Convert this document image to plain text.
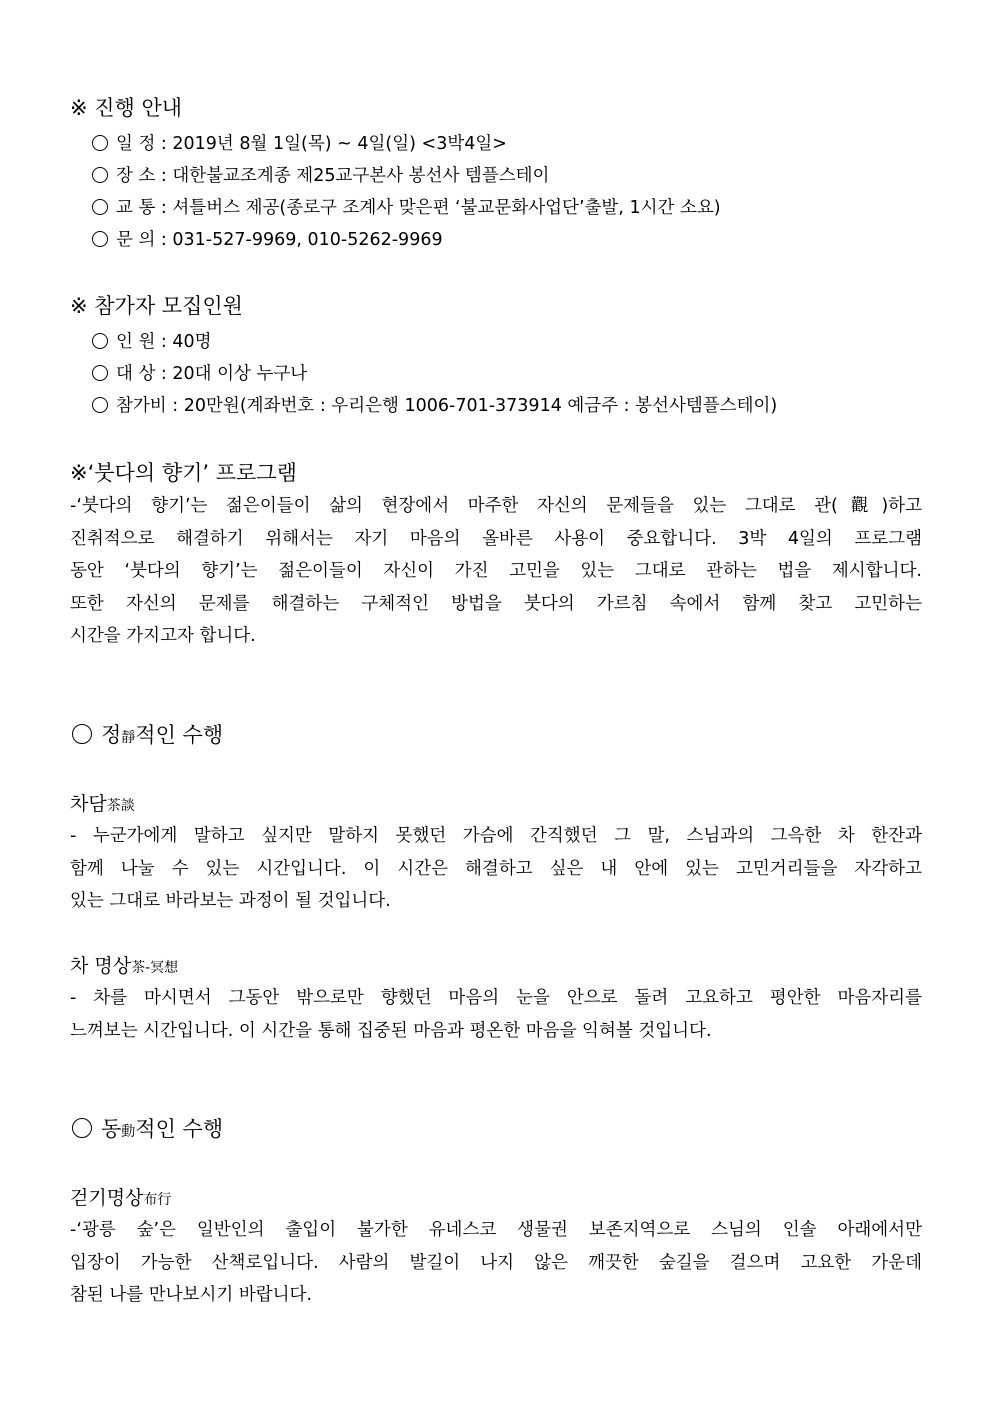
※ 진행 안내
일 정 : 2019년 8월 1일(목) ~ 4일(일) <3박4일>
장 소 : 대한불교조계종 제25교구본사 봉선사 템플스테이
교 통 : 셔틀버스 제공(종로구 조계사 맞은편 ‘불교문화사업단’출발, 1시간 소요)
문 의 : 031-527-9969, 010-5262-9969
※ 참가자 모집인원
인 원 : 40명
대 상 : 20대 이상 누구나
참가비 : 20만원(계좌번호 : 우리은행 1006-701-373914 예금주 : 봉선사템플스테이)
※‘붓다의 향기’ 프로그램
-‘붓다의 향기’는 젊은이들이 삶의 현장에서 마주한 자신의 문제들을 있는 그대로 관(觀)하고
진취적으로 해결하기 위해서는 자기 마음의 올바른 사용이 중요합니다. 3박 4일의 프로그램
동안 ‘붓다의 향기’는 젊은이들이 자신이 가진 고민을 있는 그대로 관하는 법을 제시합니다.
또한 자신의 문제를 해결하는 구체적인 방법을 붓다의 가르침 속에서 함께 찾고 고민하는
시간을 가지고자 합니다.
정靜적인 수행
차담茶談
- 누군가에게 말하고 싶지만 말하지 못했던 가슴에 간직했던 그 말, 스님과의 그윽한 차 한잔과
함께 나눌 수 있는 시간입니다. 이 시간은 해결하고 싶은 내 안에 있는 고민거리들을 자각하고
있는 그대로 바라보는 과정이 될 것입니다.
차 명상茶-冥想
- 차를 마시면서 그동안 밖으로만 향했던 마음의 눈을 안으로 돌려 고요하고 평안한 마음자리를
느껴보는 시간입니다. 이 시간을 통해 집중된 마음과 평온한 마음을 익혀볼 것입니다.
동動적인 수행
걷기명상布行
-‘광릉 숲’은 일반인의 출입이 불가한 유네스코 생물권 보존지역으로 스님의 인솔 아래에서만
입장이 가능한 산책로입니다. 사람의 발길이 나지 않은 깨끗한 숲길을 걸으며 고요한 가운데
참된 나를 만나보시기 바랍니다.
